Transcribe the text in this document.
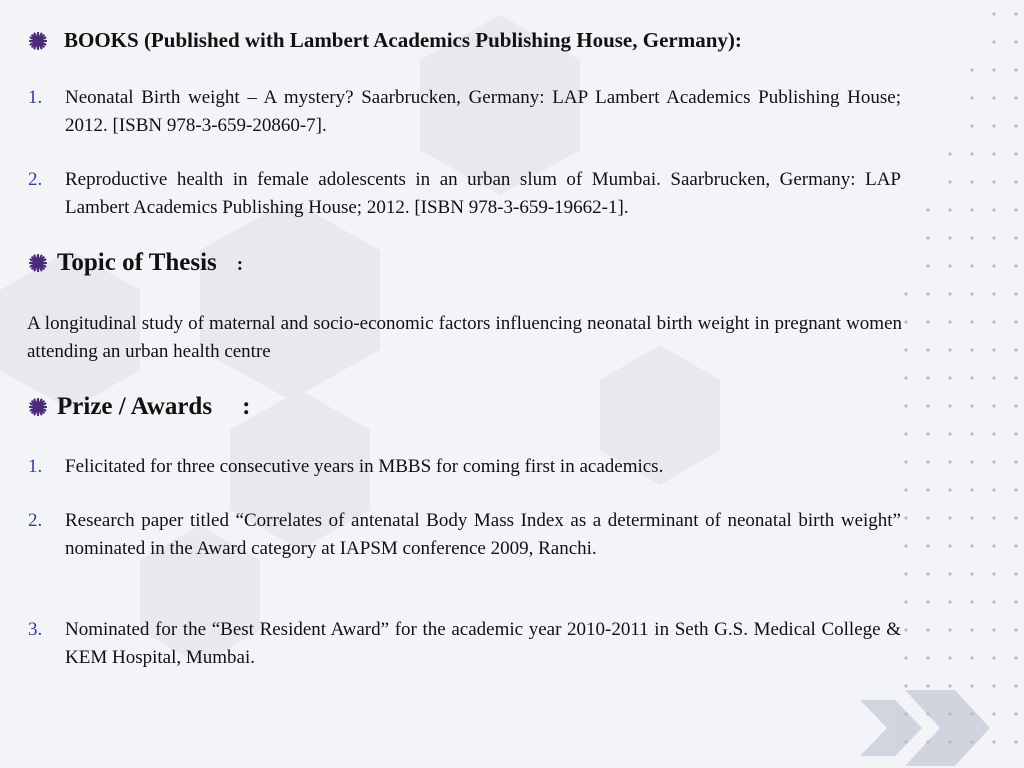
BOOKS (Published with Lambert Academics Publishing House, Germany):
1.	Neonatal Birth weight – A mystery? Saarbrucken, Germany: LAP Lambert Academics Publishing House; 2012. [ISBN 978-3-659-20860-7].
2.	Reproductive health in female adolescents in an urban slum of Mumbai. Saarbrucken, Germany: LAP Lambert Academics Publishing House; 2012. [ISBN 978-3-659-19662-1].
Topic of Thesis :
A longitudinal study of maternal and socio-economic factors influencing neonatal birth weight in pregnant women attending an urban health centre
Prize / Awards :
1.	Felicitated for three consecutive years in MBBS for coming first in academics.
2.	Research paper titled “Correlates of antenatal Body Mass Index as a determinant of neonatal birth weight” nominated in the Award category at IAPSM conference 2009, Ranchi.
3.	Nominated for the “Best Resident Award” for the academic year 2010-2011 in Seth G.S. Medical College & KEM Hospital, Mumbai.
